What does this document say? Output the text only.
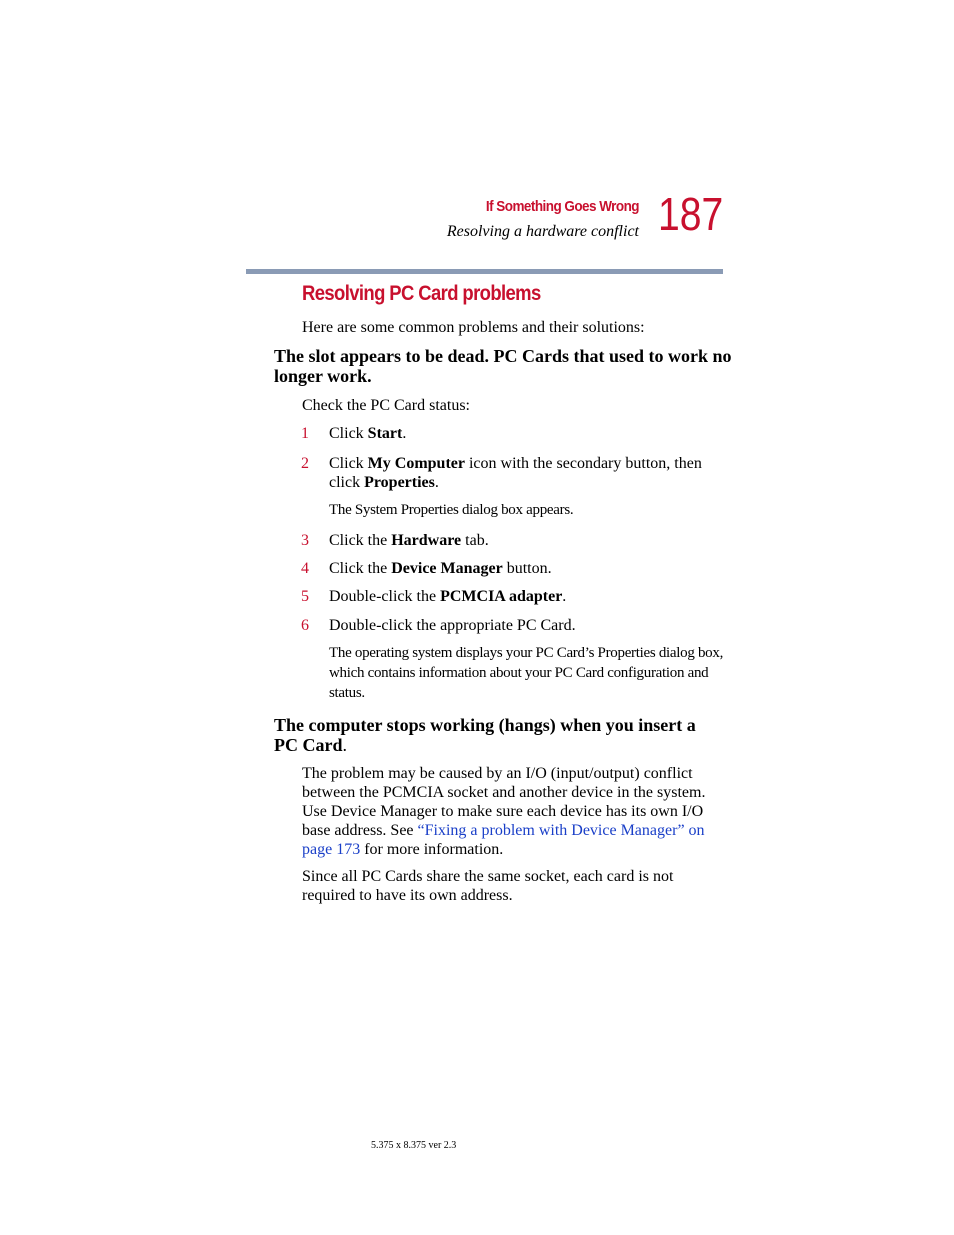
If Something Goes Wrong
Resolving a hardware conflict 187
Resolving PC Card problems
Here are some common problems and their solutions:
The slot appears to be dead. PC Cards that used to work no longer work.
Check the PC Card status:
1 Click Start.
2 Click My Computer icon with the secondary button, then click Properties.
The System Properties dialog box appears.
3 Click the Hardware tab.
4 Click the Device Manager button.
5 Double-click the PCMCIA adapter.
6 Double-click the appropriate PC Card.
The operating system displays your PC Card’s Properties dialog box, which contains information about your PC Card configuration and status.
The computer stops working (hangs) when you insert a PC Card.
The problem may be caused by an I/O (input/output) conflict between the PCMCIA socket and another device in the system. Use Device Manager to make sure each device has its own I/O base address. See “Fixing a problem with Device Manager” on page 173 for more information.
Since all PC Cards share the same socket, each card is not required to have its own address.
5.375 x 8.375 ver 2.3
